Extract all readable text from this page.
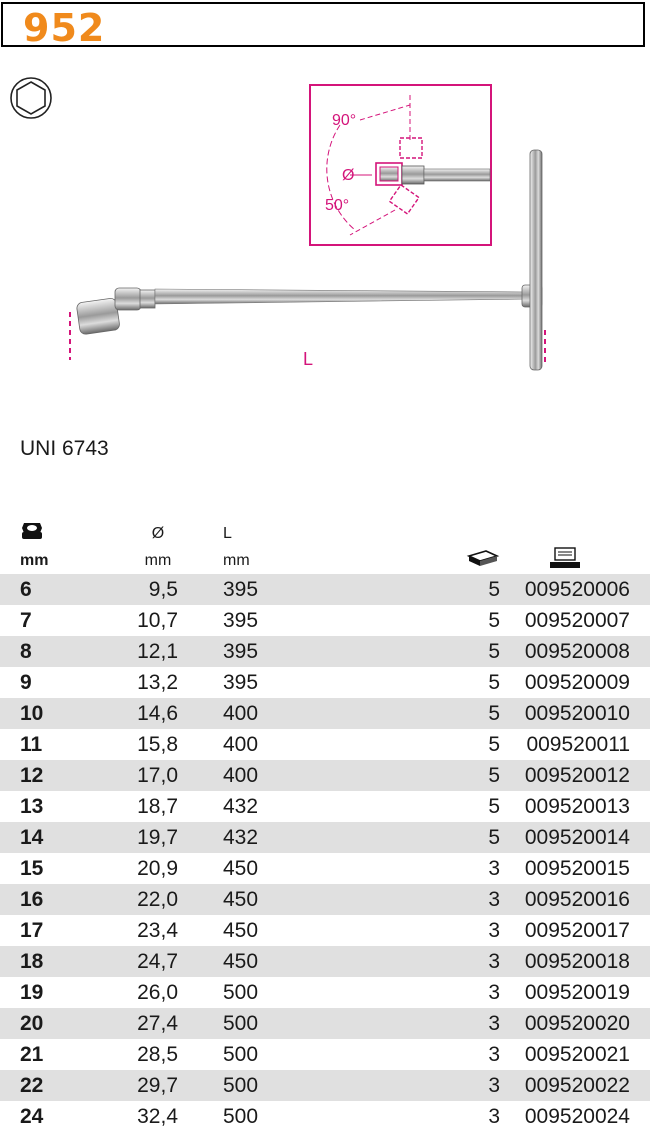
952
90°
Ø
50°
L
UNI 6743
	Ø	L			
mm	mm	mm			
6	9,5	395		5	009520006
7	10,7	395		5	009520007
8	12,1	395		5	009520008
9	13,2	395		5	009520009
10	14,6	400		5	009520010
11	15,8	400		5	009520011
12	17,0	400		5	009520012
13	18,7	432		5	009520013
14	19,7	432		5	009520014
15	20,9	450		3	009520015
16	22,0	450		3	009520016
17	23,4	450		3	009520017
18	24,7	450		3	009520018
19	26,0	500		3	009520019
20	27,4	500		3	009520020
21	28,5	500		3	009520021
22	29,7	500		3	009520022
24	32,4	500		3	009520024
